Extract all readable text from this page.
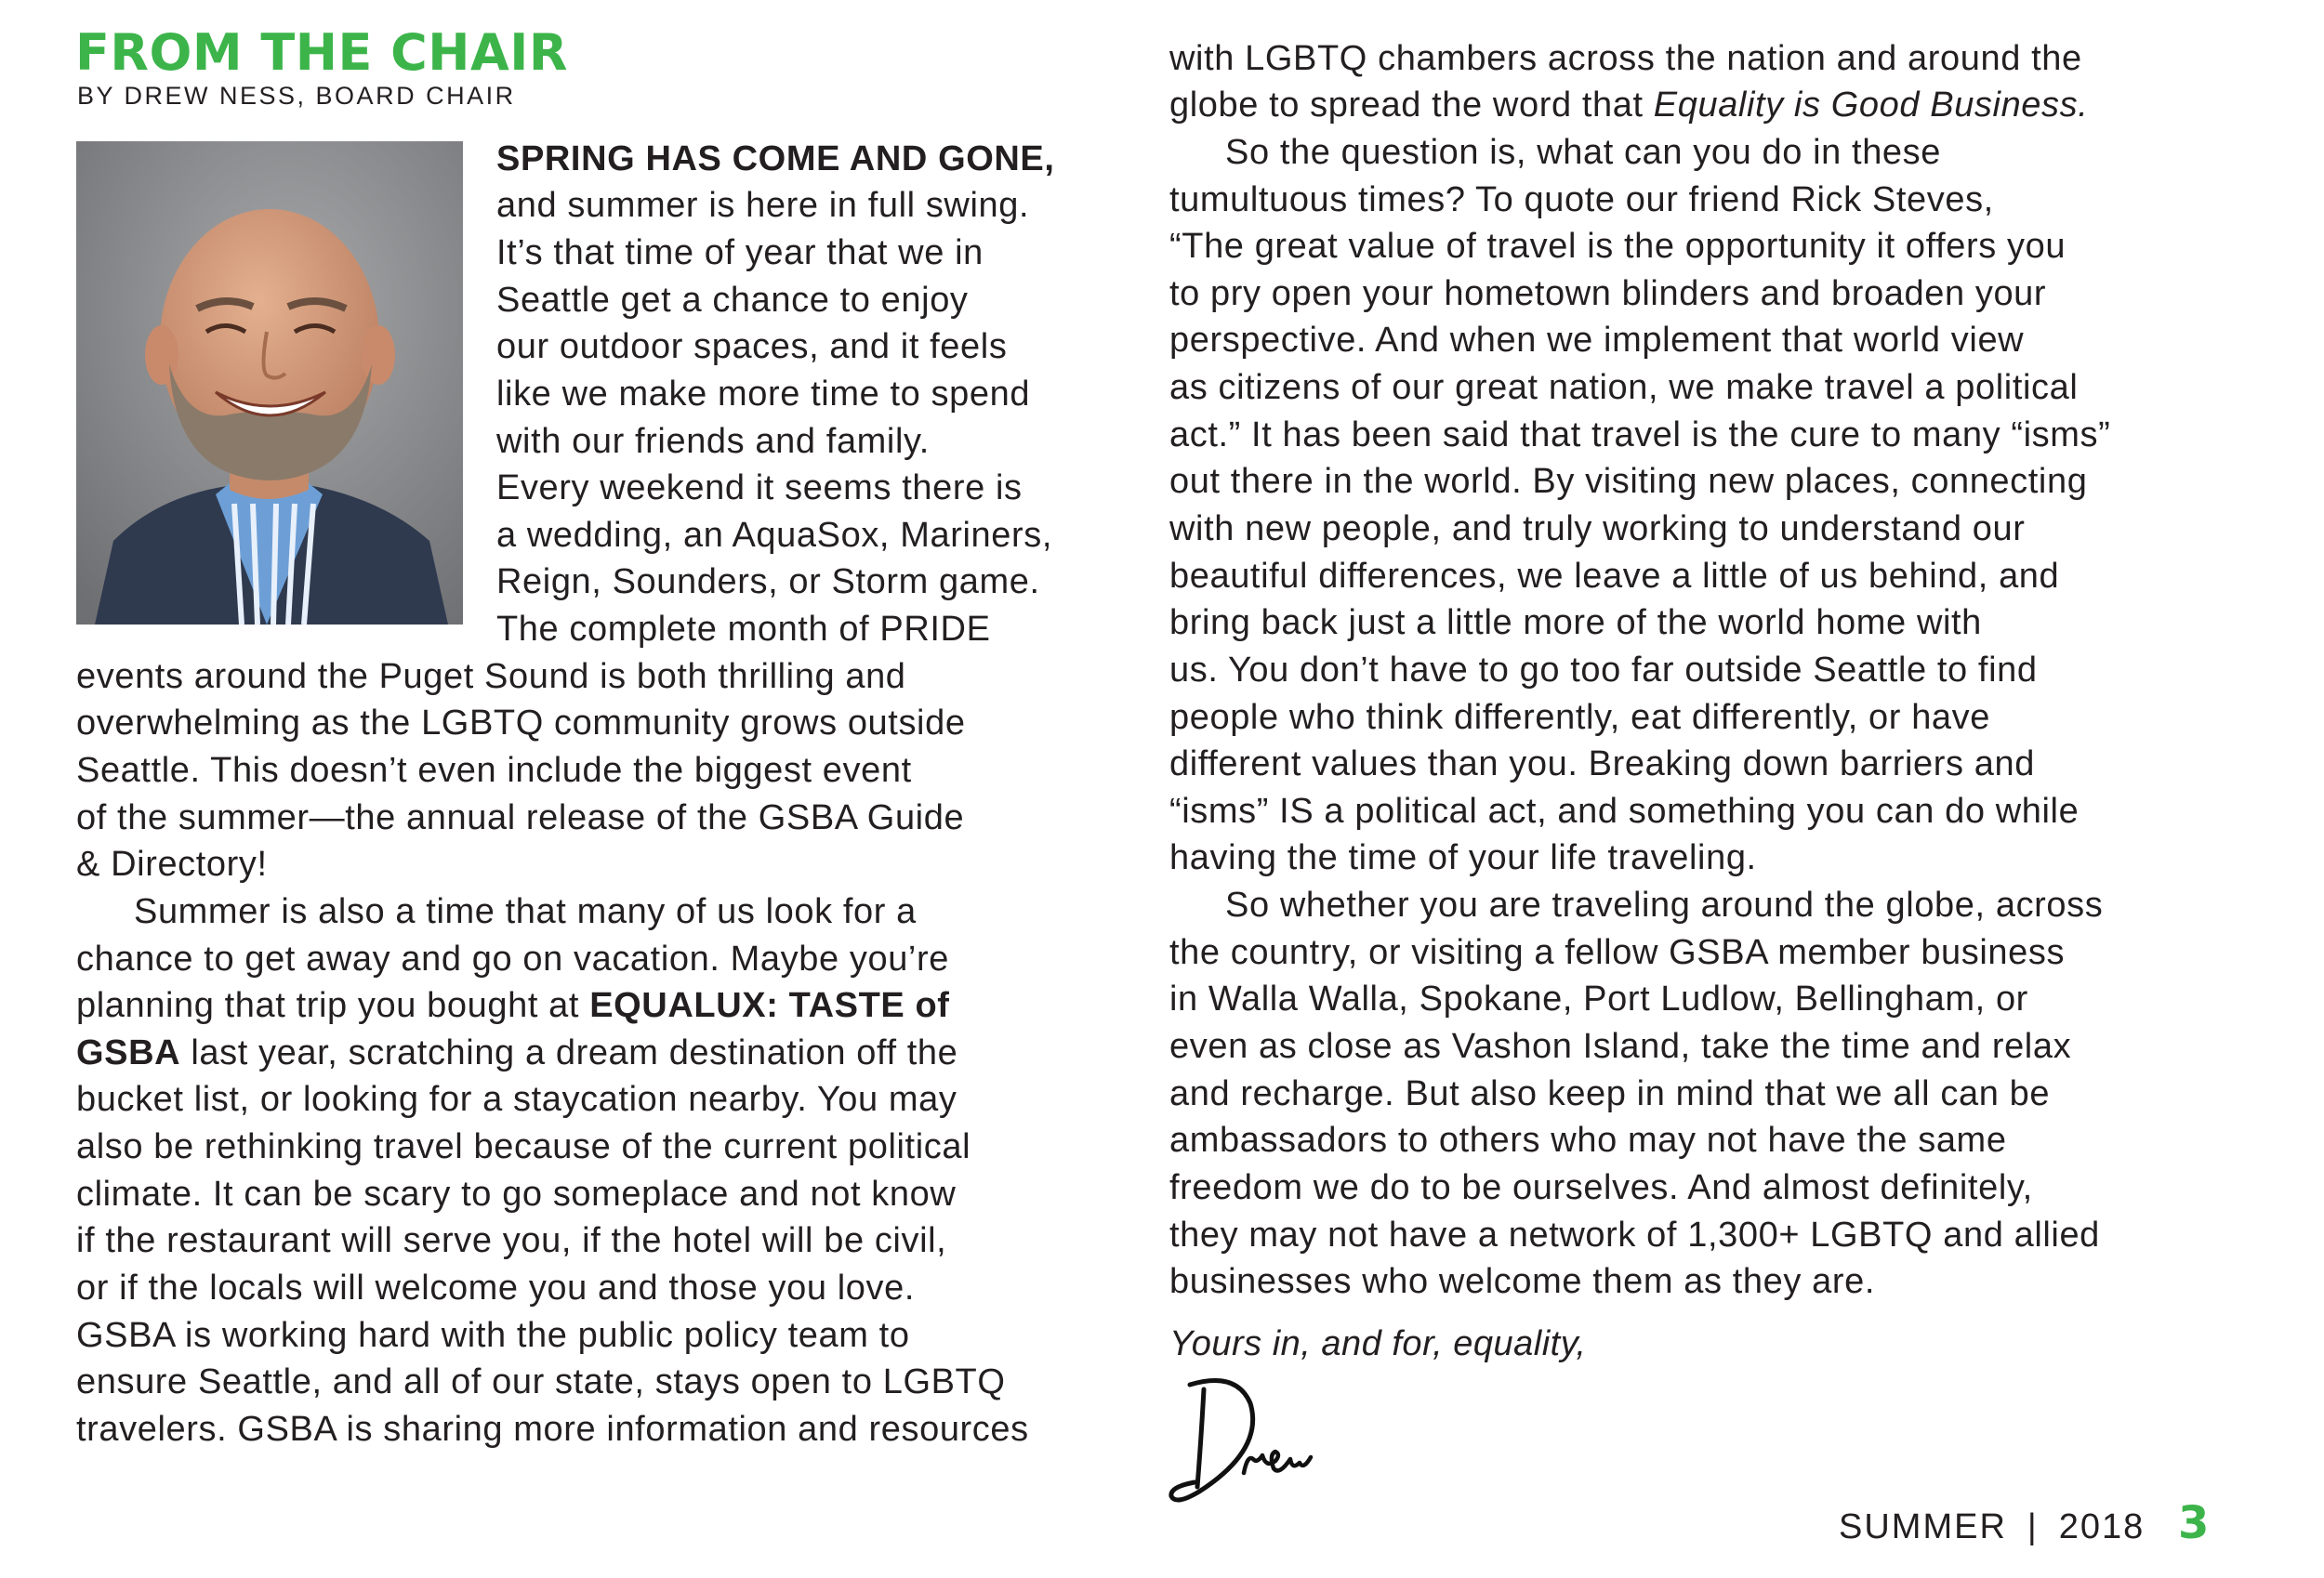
FROM THE CHAIR
BY DREW NESS, BOARD CHAIR

SPRING HAS COME AND GONE,

and summer is here in full swing.

It’s that time of year that we in

Seattle get a chance to enjoy

our outdoor spaces, and it feels

like we make more time to spend

with our friends and family.

Every weekend it seems there is

a wedding, an AquaSox, Mariners,

Reign, Sounders, or Storm game.

The complete month of PRIDE

events around the Puget Sound is both thrilling and

overwhelming as the LGBTQ community grows outside

Seattle. This doesn’t even include the biggest event

of the summer—the annual release of the GSBA Guide

& Directory!

Summer is also a time that many of us look for a

chance to get away and go on vacation. Maybe you’re

planning that trip you bought at EQUALUX: TASTE of

GSBA last year, scratching a dream destination off the

bucket list, or looking for a staycation nearby. You may

also be rethinking travel because of the current political

climate. It can be scary to go someplace and not know

if the restaurant will serve you, if the hotel will be civil,

or if the locals will welcome you and those you love.

GSBA is working hard with the public policy team to

ensure Seattle, and all of our state, stays open to LGBTQ

travelers. GSBA is sharing more information and resources

with LGBTQ chambers across the nation and around the

globe to spread the word that Equality is Good Business.

So the question is, what can you do in these

tumultuous times? To quote our friend Rick Steves,

“The great value of travel is the opportunity it offers you

to pry open your hometown blinders and broaden your

perspective. And when we implement that world view

as citizens of our great nation, we make travel a political

act.” It has been said that travel is the cure to many “isms”

out there in the world. By visiting new places, connecting

with new people, and truly working to understand our

beautiful differences, we leave a little of us behind, and

bring back just a little more of the world home with

us. You don’t have to go too far outside Seattle to find

people who think differently, eat differently, or have

different values than you. Breaking down barriers and

“isms” IS a political act, and something you can do while

having the time of your life traveling.

So whether you are traveling around the globe, across

the country, or visiting a fellow GSBA member business

in Walla Walla, Spokane, Port Ludlow, Bellingham, or

even as close as Vashon Island, take the time and relax

and recharge. But also keep in mind that we all can be

ambassadors to others who may not have the same

freedom we do to be ourselves. And almost definitely,

they may not have a network of 1,300+ LGBTQ and allied

businesses who welcome them as they are.

Yours in, and for, equality,
SUMMER | 2018 3
